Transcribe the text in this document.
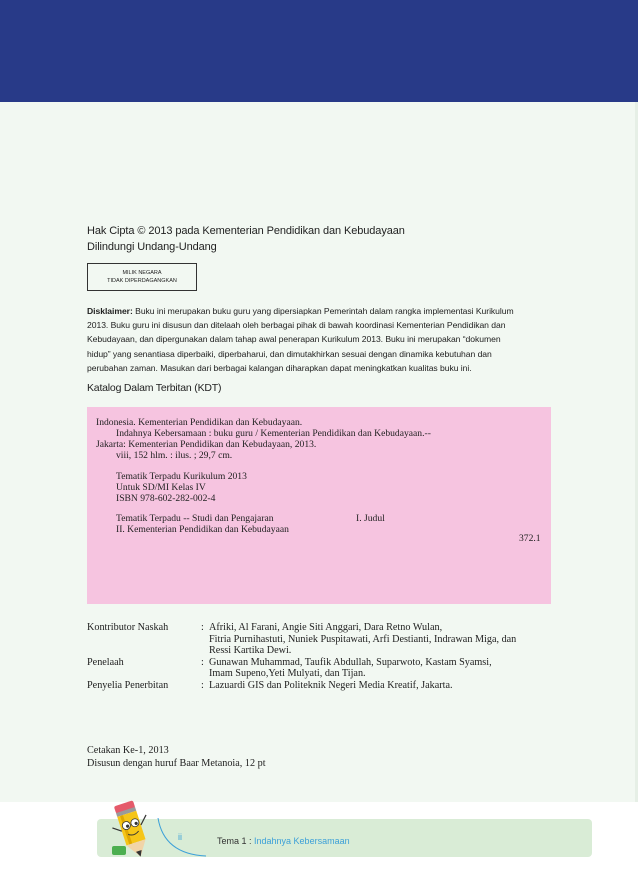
Hak Cipta © 2013 pada Kementerian Pendidikan dan Kebudayaan
Dilindungi Undang-Undang
MILIK NEGARA
TIDAK DIPERDAGANGKAN
Disklaimer: Buku ini merupakan buku guru yang dipersiapkan Pemerintah dalam rangka implementasi Kurikulum
2013. Buku guru ini disusun dan ditelaah oleh berbagai pihak di bawah koordinasi Kementerian Pendidikan dan
Kebudayaan, dan dipergunakan dalam tahap awal penerapan Kurikulum 2013. Buku ini merupakan “dokumen
hidup” yang senantiasa diperbaiki, diperbaharui, dan dimutakhirkan sesuai dengan dinamika kebutuhan dan
perubahan zaman. Masukan dari berbagai kalangan diharapkan dapat meningkatkan kualitas buku ini.
Katalog Dalam Terbitan (KDT)
Indonesia. Kementerian Pendidikan dan Kebudayaan.
Indahnya Kebersamaan : buku guru / Kementerian Pendidikan dan Kebudayaan.--
Jakarta: Kementerian Pendidikan dan Kebudayaan, 2013.
viii, 152 hlm. : ilus. ; 29,7 cm.
Tematik Terpadu Kurikulum 2013
Untuk SD/MI Kelas IV
ISBN 978-602-282-002-4
Tematik Terpadu -- Studi dan Pengajaran	I. Judul
II. Kementerian Pendidikan dan Kebudayaan
372.1
Kontributor Naskah	: Afriki, Al Farani, Angie Siti Anggari, Dara Retno Wulan,
Fitria Purnihastuti, Nuniek Puspitawati, Arfi Destianti, Indrawan Miga, dan
Ressi Kartika Dewi.
Penelaah	: Gunawan Muhammad, Taufik Abdullah, Suparwoto, Kastam Syamsi,
Imam Supeno,Yeti Mulyati, dan Tijan.
Penyelia Penerbitan	: Lazuardi GIS dan Politeknik Negeri Media Kreatif, Jakarta.
Cetakan Ke-1, 2013
Disusun dengan huruf Baar Metanoia, 12 pt
ii	Tema 1 : Indahnya Kebersamaan
